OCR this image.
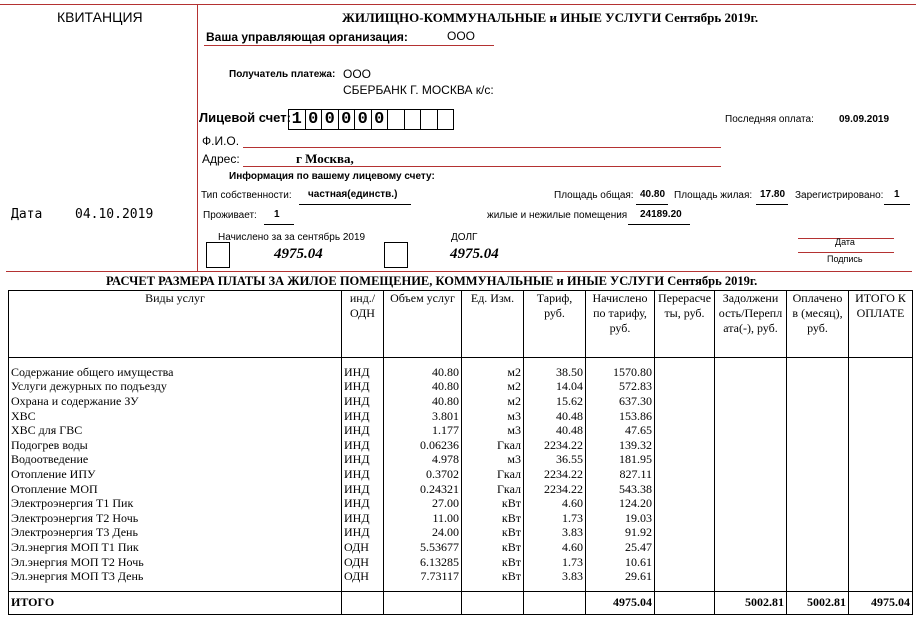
КВИТАНЦИЯ
Дата	04.10.2019
ЖИЛИЩНО-КОММУНАЛЬНЫЕ и ИНЫЕ УСЛУГИ Сентябрь 2019г.
Ваша управляющая организация:	ООО
Получатель платежа: ООО
СБЕРБАНК Г. МОСКВА к/с:
Лицевой счет: 1 0 0 0 0 0	Последняя оплата:	09.09.2019
Ф.И.О.
Адрес:	г Москва,
Информация по вашему лицевому счету:
Тип собственности: частная(единств.)	Площадь общая: 40.80 Площадь жилая: 17.80 Зарегистрировано: 1
Проживает: 1	жилые и нежилые помещения 24189.20
Начислено за за сентябрь 2019
4975.04
ДОЛГ
4975.04
Дата
Подпись
РАСЧЕТ РАЗМЕРА ПЛАТЫ ЗА ЖИЛОЕ ПОМЕЩЕНИЕ, КОММУНАЛЬНЫЕ и ИНЫЕ УСЛУГИ Сентябрь 2019г.
Виды услуг	инд./ ОДН	Объем услуг	Ед. Изм.	Тариф, руб.	Начислено по тарифу, руб.	Перерасче ты, руб.	Задолжени ость/Перепл ата(-), руб.	Оплачено в (месяц), руб.	ИТОГО К ОПЛАТЕ

Содержание общего имущества	ИНД	40.80	м2	38.50	1570.80				
Услуги дежурных по подъезду	ИНД	40.80	м2	14.04	572.83				
Охрана и содержание ЗУ	ИНД	40.80	м2	15.62	637.30				
ХВС	ИНД	3.801	м3	40.48	153.86				
ХВС для ГВС	ИНД	1.177	м3	40.48	47.65				
Подогрев воды	ИНД	0.06236	Гкал	2234.22	139.32				
Водоотведение	ИНД	4.978	м3	36.55	181.95				
Отопление ИПУ	ИНД	0.3702	Гкал	2234.22	827.11				
Отопление МОП	ИНД	0.24321	Гкал	2234.22	543.38				
Электроэнергия Т1 Пик	ИНД	27.00	кВт	4.60	124.20				
Электроэнергия Т2 Ночь	ИНД	11.00	кВт	1.73	19.03				
Электроэнергия Т3 День	ИНД	24.00	кВт	3.83	91.92				
Эл.энергия МОП Т1 Пик	ОДН	5.53677	кВт	4.60	25.47				
Эл.энергия МОП Т2 Ночь	ОДН	6.13285	кВт	1.73	10.61				
Эл.энергия МОП Т3 День	ОДН	7.73117	кВт	3.83	29.61				

ИТОГО					4975.04		5002.81	5002.81	4975.04
